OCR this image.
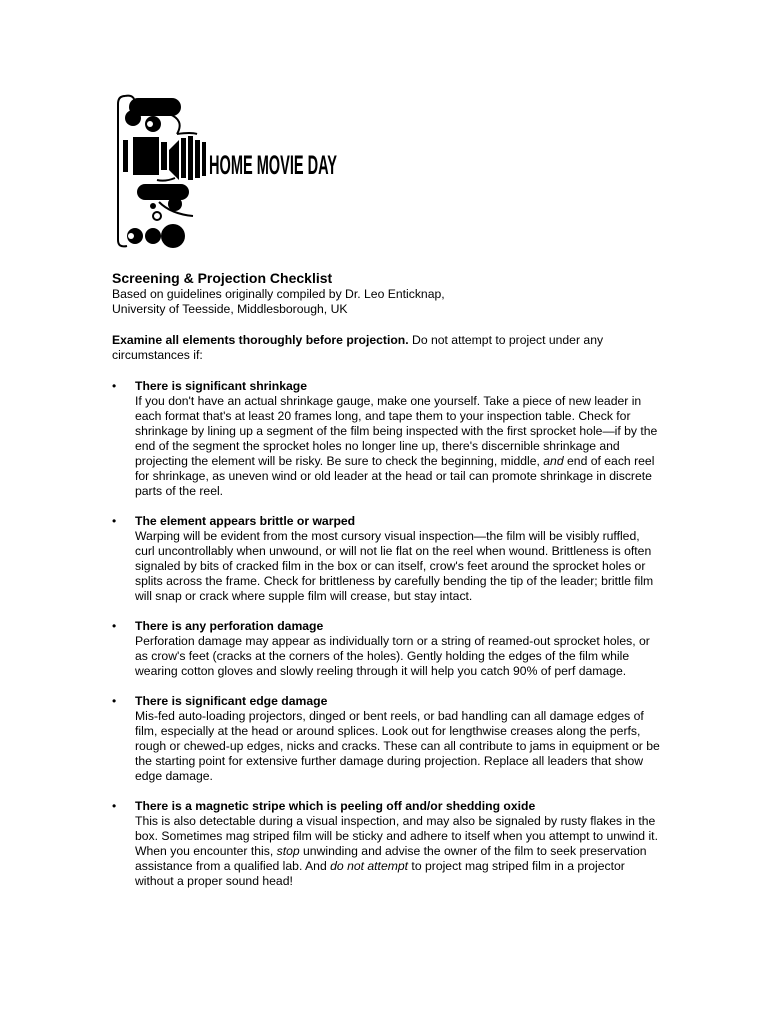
HOME MOVIE DAY

Screening & Projection Checklist

Based on guidelines originally compiled by Dr. Leo Enticknap,

University of Teesside, Middlesborough, UK

Examine all elements thoroughly before projection. Do not attempt to project under any circumstances if:

• There is significant shrinkage
If you don't have an actual shrinkage gauge, make one yourself. Take a piece of new leader in each format that's at least 20 frames long, and tape them to your inspection table. Check for shrinkage by lining up a segment of the film being inspected with the first sprocket hole—if by the end of the segment the sprocket holes no longer line up, there's discernible shrinkage and projecting the element will be risky. Be sure to check the beginning, middle, and end of each reel for shrinkage, as uneven wind or old leader at the head or tail can promote shrinkage in discrete parts of the reel.
• The element appears brittle or warped
Warping will be evident from the most cursory visual inspection—the film will be visibly ruffled, curl uncontrollably when unwound, or will not lie flat on the reel when wound. Brittleness is often signaled by bits of cracked film in the box or can itself, crow's feet around the sprocket holes or splits across the frame. Check for brittleness by carefully bending the tip of the leader; brittle film will snap or crack where supple film will crease, but stay intact.
• There is any perforation damage
Perforation damage may appear as individually torn or a string of reamed-out sprocket holes, or as crow's feet (cracks at the corners of the holes). Gently holding the edges of the film while wearing cotton gloves and slowly reeling through it will help you catch 90% of perf damage.
• There is significant edge damage
Mis-fed auto-loading projectors, dinged or bent reels, or bad handling can all damage edges of film, especially at the head or around splices. Look out for lengthwise creases along the perfs, rough or chewed-up edges, nicks and cracks. These can all contribute to jams in equipment or be the starting point for extensive further damage during projection. Replace all leaders that show edge damage.
• There is a magnetic stripe which is peeling off and/or shedding oxide
This is also detectable during a visual inspection, and may also be signaled by rusty flakes in the box. Sometimes mag striped film will be sticky and adhere to itself when you attempt to unwind it. When you encounter this, stop unwinding and advise the owner of the film to seek preservation assistance from a qualified lab. And do not attempt to project mag striped film in a projector without a proper sound head!
